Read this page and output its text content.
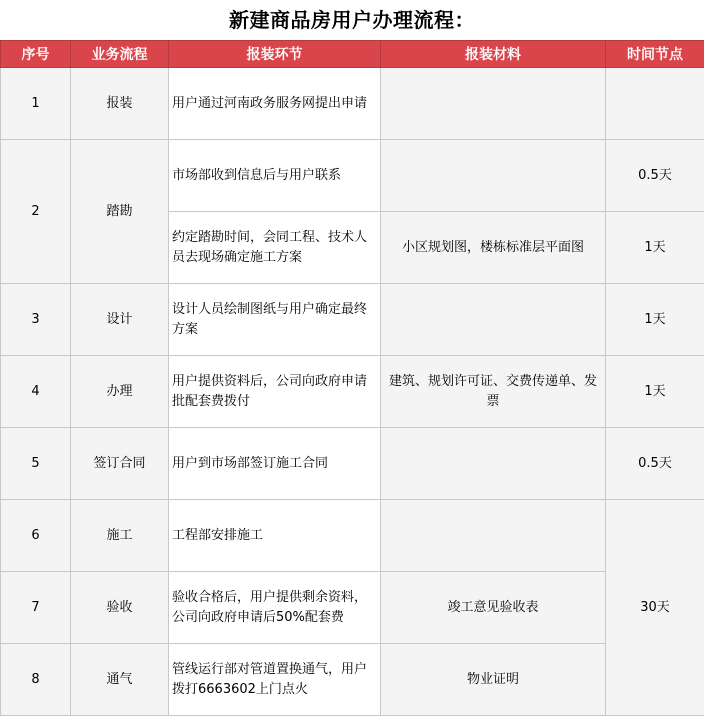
新建商品房用户办理流程：
序号	业务流程	报装环节	报装材料	时间节点
1	报装	用户通过河南政务服务网提出申请		
2	踏勘	市场部收到信息后与用户联系		0.5天
		约定踏勘时间，会同工程、技术人员去现场确定施工方案	小区规划图，楼栋标准层平面图	1天
3	设计	设计人员绘制图纸与用户确定最终方案		1天
4	办理	用户提供资料后，公司向政府申请批配套费拨付	建筑、规划许可证、交费传递单、发票	1天
5	签订合同	用户到市场部签订施工合同		0.5天
6	施工	工程部安排施工		30天
7	验收	验收合格后，用户提供剩余资料，公司向政府申请后50%配套费	竣工意见验收表	
8	通气	管线运行部对管道置换通气，用户拨打6663602上门点火	物业证明	
